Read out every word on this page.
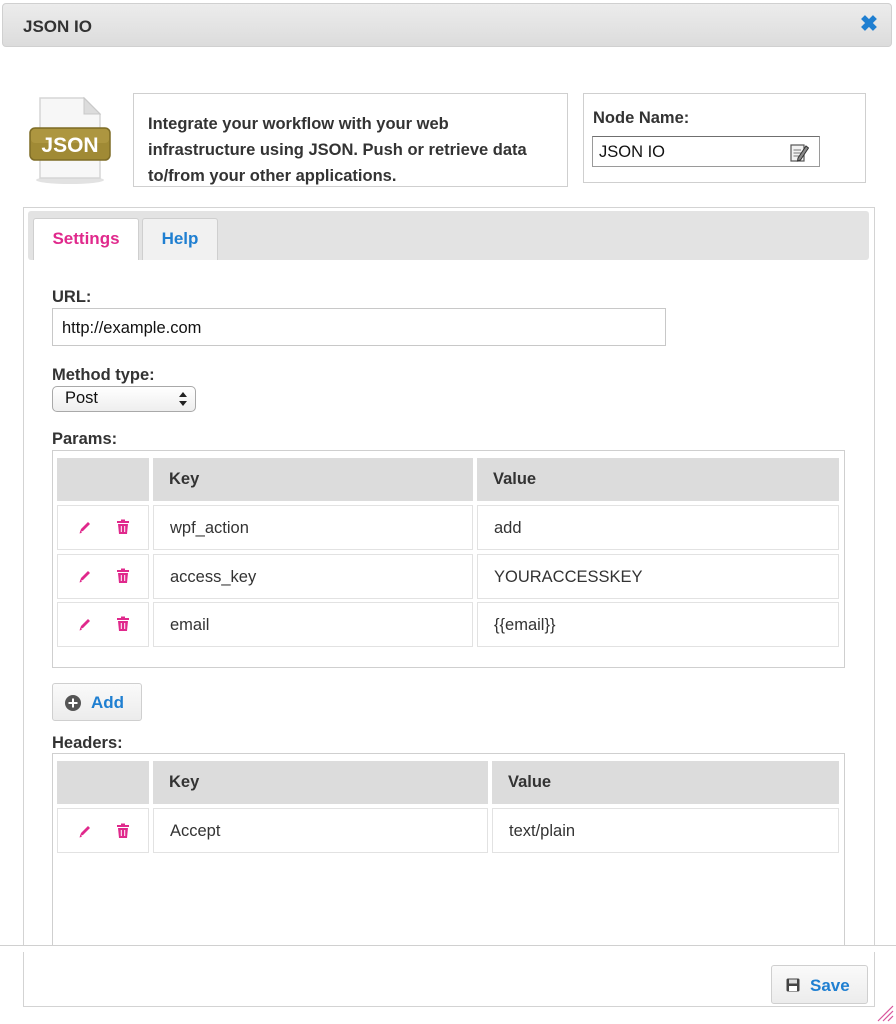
JSON IO	✖
JSON
Integrate your workflow with your web infrastructure using JSON. Push or retrieve data to/from your other applications.
Node Name:
JSON IO
Settings	Help
URL:
http://example.com
Method type:
Post
Params:
Key	Value
wpf_action	add
access_key	YOURACCESSKEY
email	{{email}}
Add
Headers:
Key	Value
Accept	text/plain
Save
